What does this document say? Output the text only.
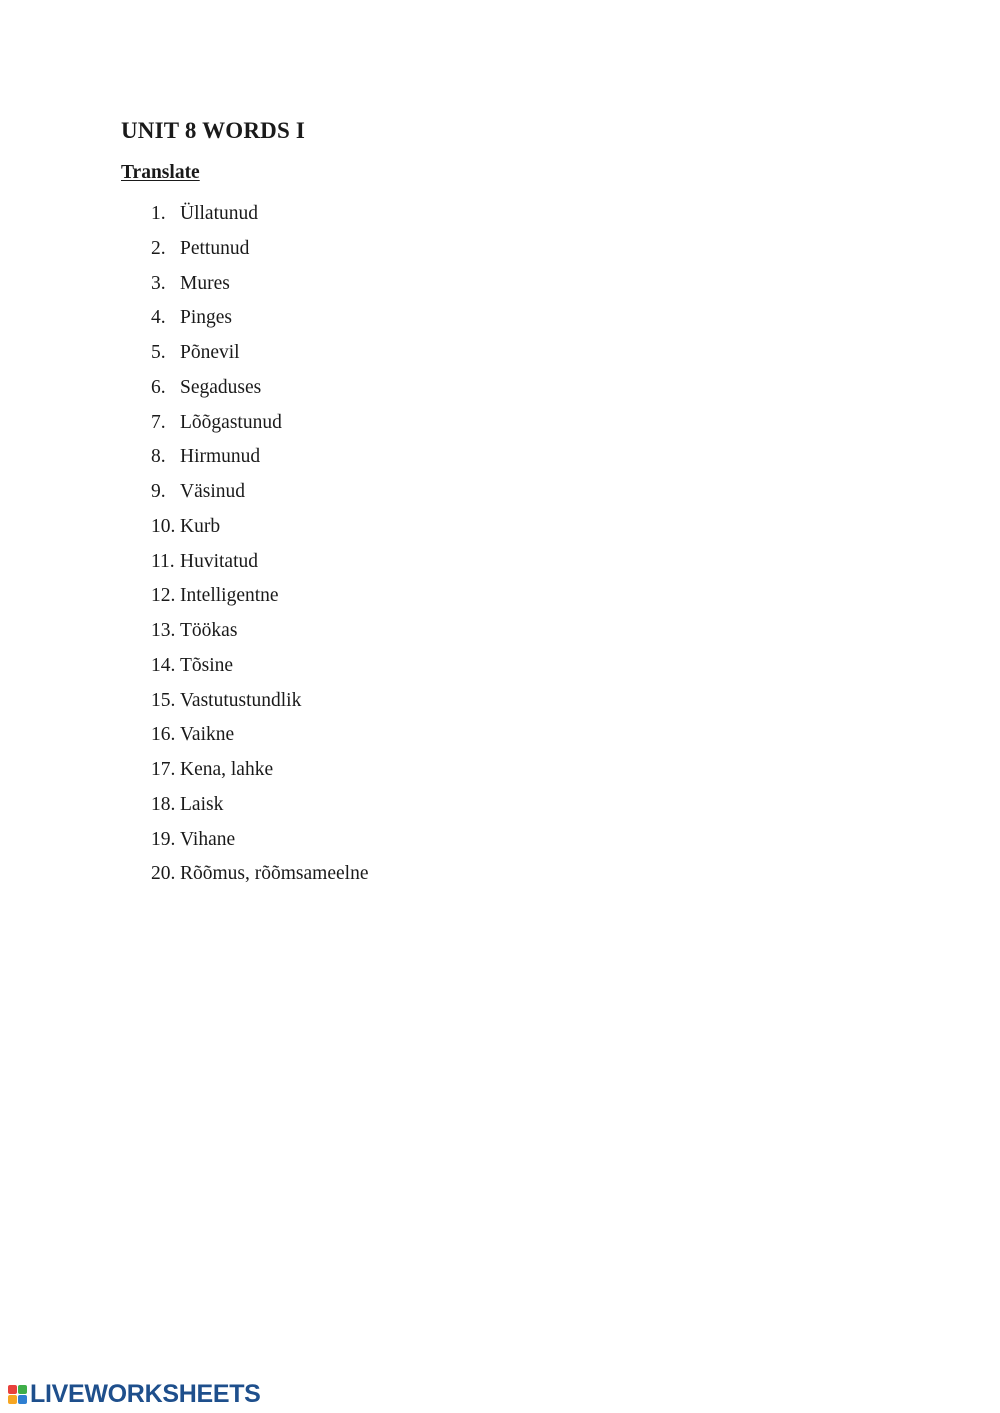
UNIT 8 WORDS I
Translate
1. Üllatunud
2. Pettunud
3. Mures
4. Pinges
5. Põnevil
6. Segaduses
7. Lõõgastunud
8. Hirmunud
9. Väsinud
10. Kurb
11. Huvitatud
12. Intelligentne
13. Töökas
14. Tõsine
15. Vastutustundlik
16. Vaikne
17. Kena, lahke
18. Laisk
19. Vihane
20. Rõõmus, rõõmsameelne
LIVEWORKSHEETS
